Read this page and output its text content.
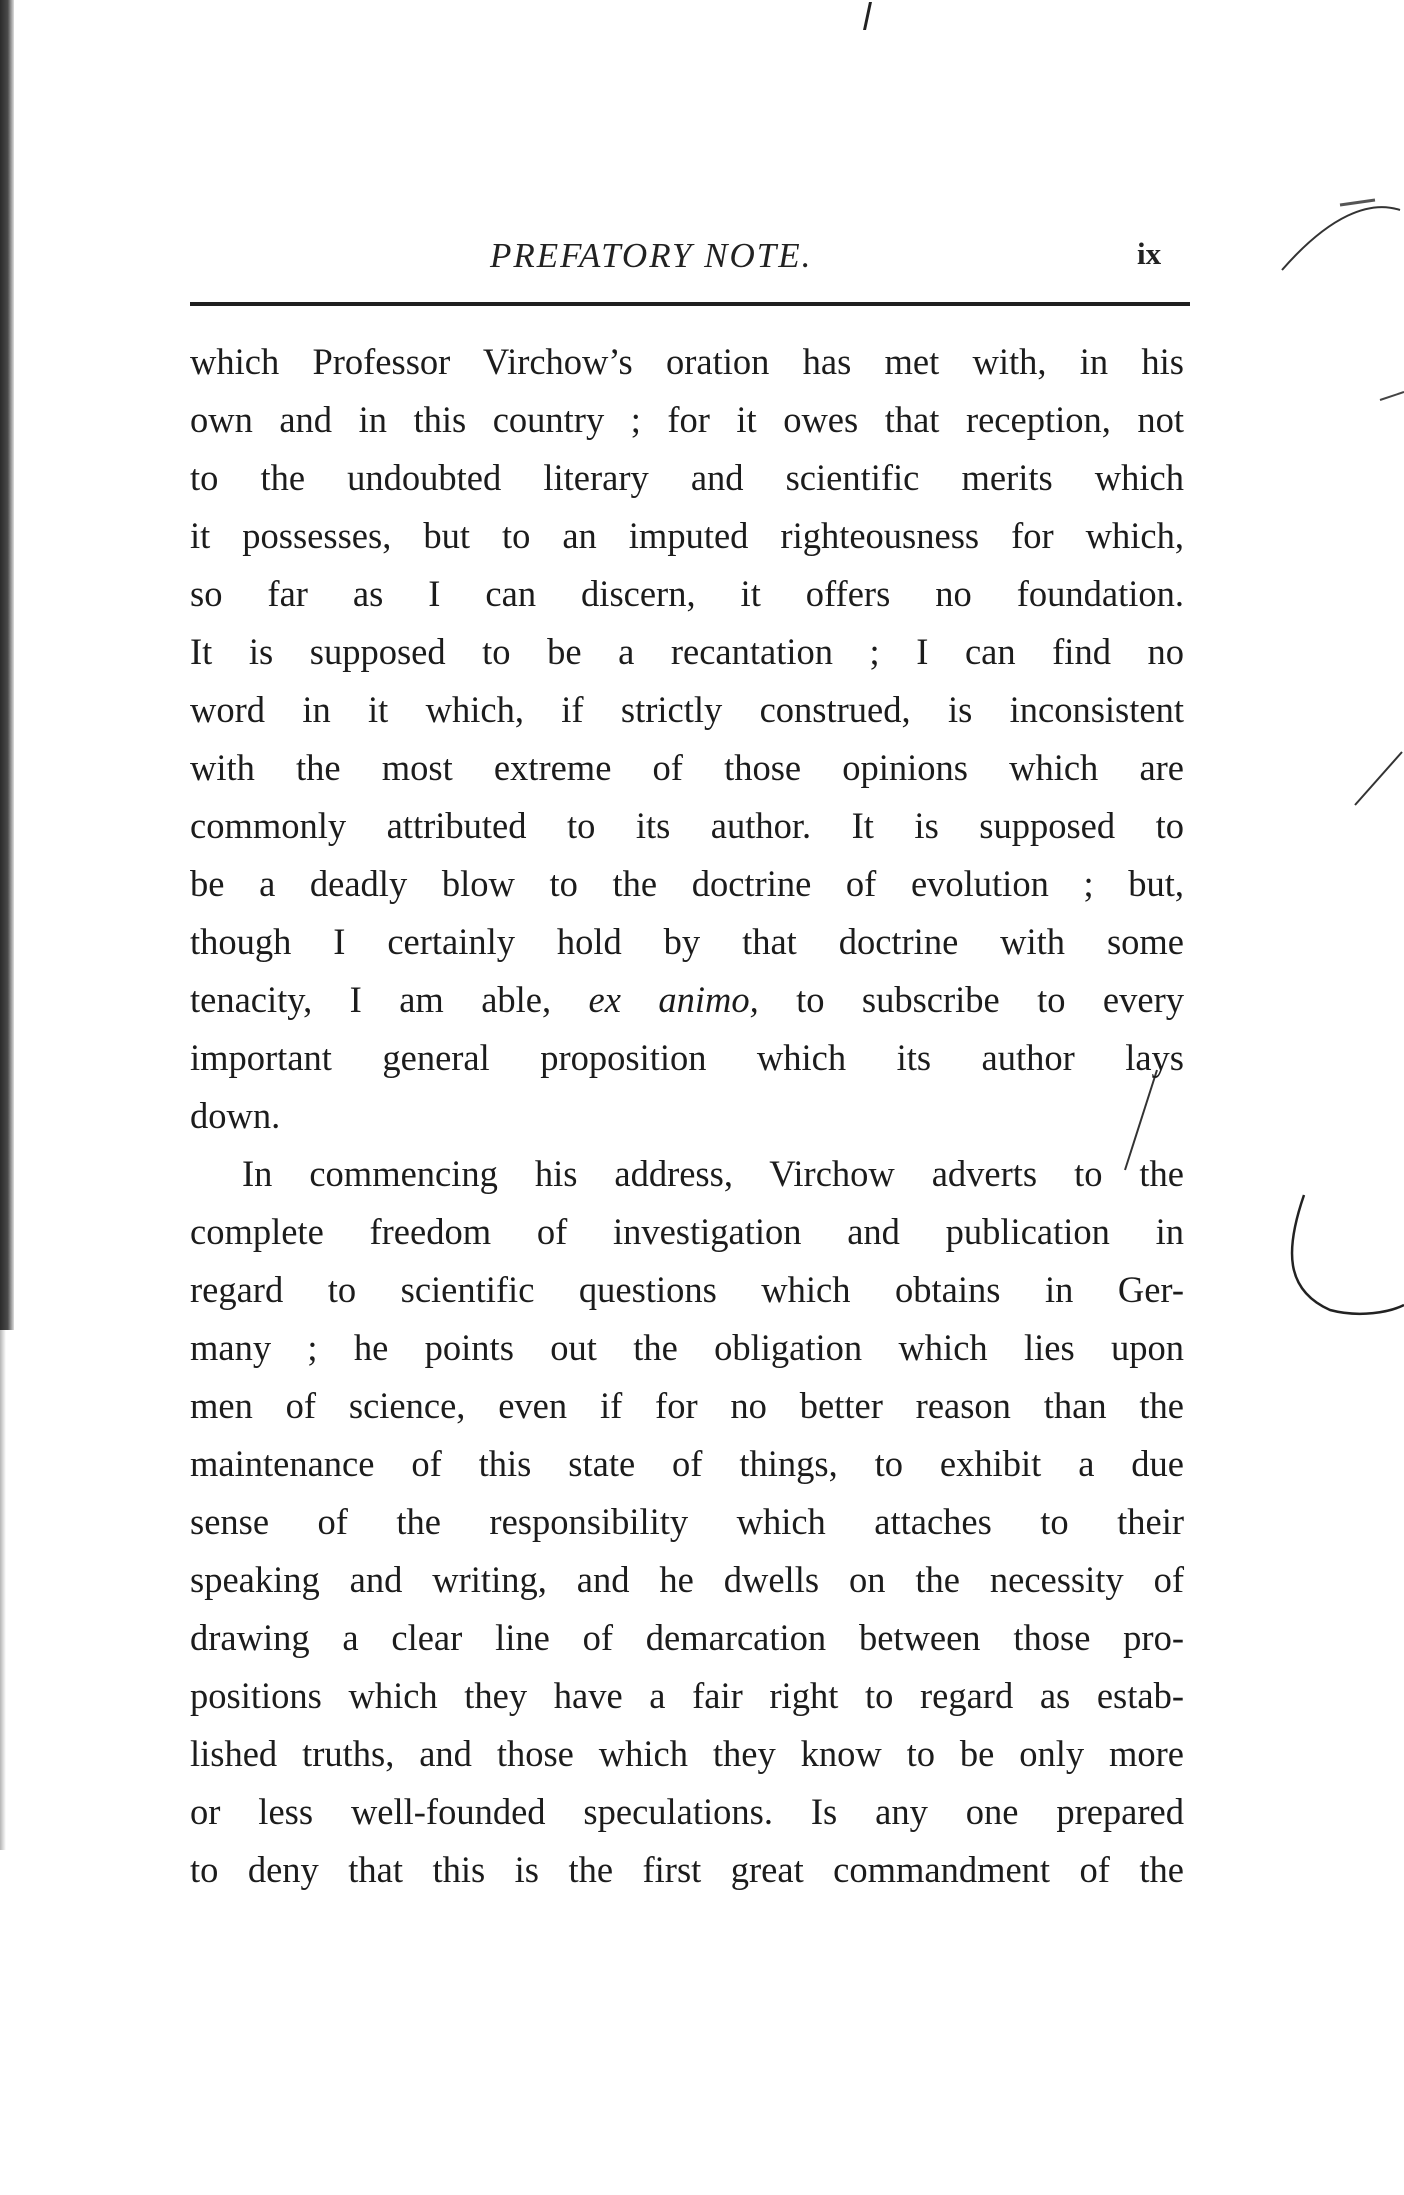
PREFATORY NOTE.	ix
which Professor Virchow’s oration has met with, in his
own and in this country ; for it owes that reception, not
to the undoubted literary and scientific merits which
it possesses, but to an imputed righteousness for which,
so far as I can discern, it offers no foundation.
It is supposed to be a recantation ; I can find no
word in it which, if strictly construed, is inconsistent
with the most extreme of those opinions which are
commonly attributed to its author. It is supposed to
be a deadly blow to the doctrine of evolution ; but,
though I certainly hold by that doctrine with some
tenacity, I am able, ex animo, to subscribe to every
important general proposition which its author lays
down.
In commencing his address, Virchow adverts to the
complete freedom of investigation and publication in
regard to scientific questions which obtains in Ger-
many ; he points out the obligation which lies upon
men of science, even if for no better reason than the
maintenance of this state of things, to exhibit a due
sense of the responsibility which attaches to their
speaking and writing, and he dwells on the necessity of
drawing a clear line of demarcation between those pro-
positions which they have a fair right to regard as estab-
lished truths, and those which they know to be only more
or less well-founded speculations. Is any one prepared
to deny that this is the first great commandment of the
